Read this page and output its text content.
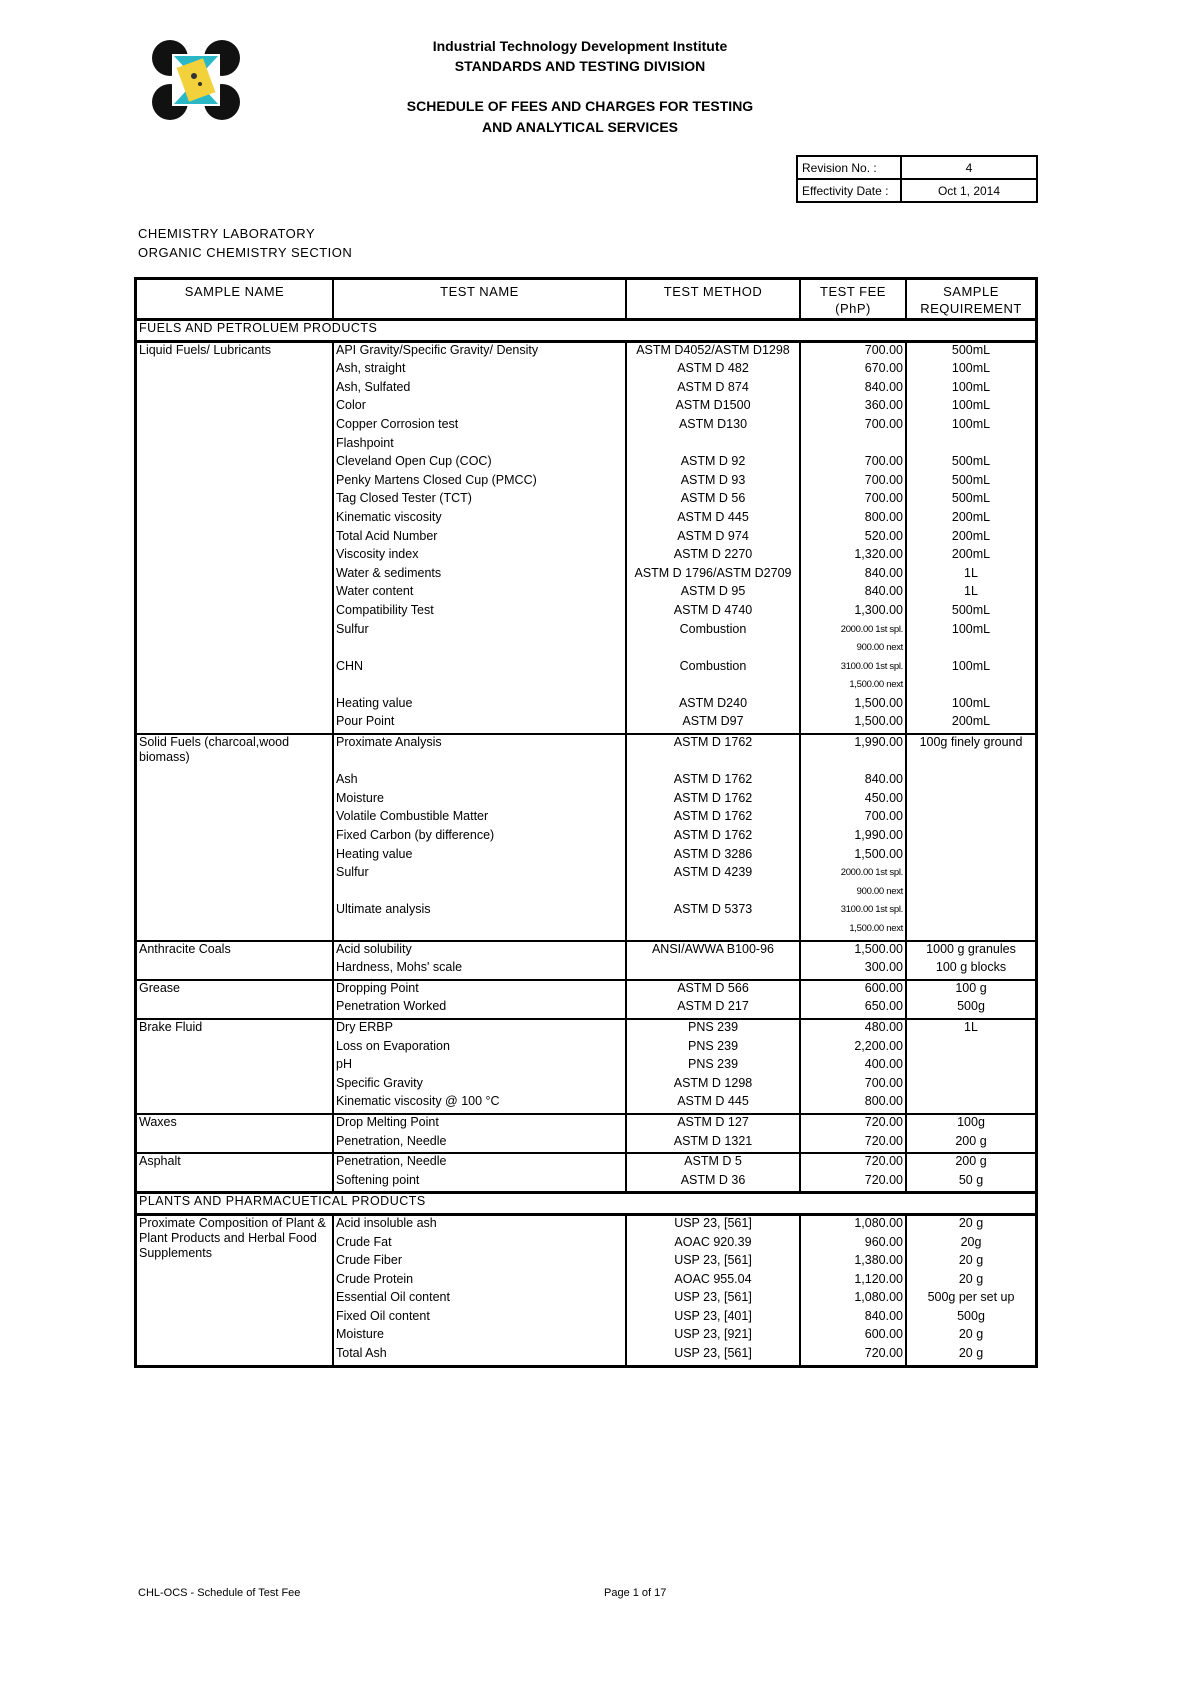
Industrial Technology Development Institute
STANDARDS AND TESTING DIVISION
SCHEDULE OF FEES AND CHARGES FOR TESTING
AND ANALYTICAL SERVICES
Revision No. :	4
Effectivity Date :	Oct 1, 2014
CHEMISTRY LABORATORY
ORGANIC CHEMISTRY SECTION
SAMPLE NAME	TEST NAME	TEST METHOD	TEST FEE (PhP)	SAMPLE REQUIREMENT
FUELS AND PETROLUEM PRODUCTS				
Liquid Fuels/ Lubricants	API Gravity/Specific Gravity/ Density	ASTM D4052/ASTM D1298	700.00	500mL
	Ash, straight	ASTM D 482	670.00	100mL
	Ash, Sulfated	ASTM D 874	840.00	100mL
	Color	ASTM D1500	360.00	100mL
	Copper Corrosion test	ASTM D130	700.00	100mL
	Flashpoint			
	Cleveland Open Cup (COC)	ASTM D 92	700.00	500mL
	Penky Martens Closed Cup (PMCC)	ASTM D 93	700.00	500mL
	Tag Closed Tester (TCT)	ASTM D 56	700.00	500mL
	Kinematic viscosity	ASTM D 445	800.00	200mL
	Total Acid Number	ASTM D 974	520.00	200mL
	Viscosity index	ASTM D 2270	1,320.00	200mL
	Water & sediments	ASTM D 1796/ASTM D2709	840.00	1L
	Water content	ASTM D 95	840.00	1L
	Compatibility Test	ASTM D 4740	1,300.00	500mL
	Sulfur	Combustion	2000.00 1st spl.	100mL
			900.00 next	
	CHN	Combustion	3100.00 1st spl.	100mL
			1,500.00 next	
	Heating value	ASTM D240	1,500.00	100mL
	Pour Point	ASTM D97	1,500.00	200mL
Solid Fuels (charcoal,wood biomass)	Proximate Analysis	ASTM D 1762	1,990.00	100g finely ground

	Ash	ASTM D 1762	840.00	
	Moisture	ASTM D 1762	450.00	
	Volatile Combustible Matter	ASTM D 1762	700.00	
	Fixed Carbon (by difference)	ASTM D 1762	1,990.00	
	Heating value	ASTM D 3286	1,500.00	
	Sulfur	ASTM D 4239	2000.00 1st spl.	
			900.00 next	
	Ultimate analysis	ASTM D 5373	3100.00 1st spl.	
			1,500.00 next	
Anthracite Coals	Acid solubility	ANSI/AWWA B100-96	1,500.00	1000 g granules
	Hardness, Mohs' scale		300.00	100 g blocks
Grease	Dropping Point	ASTM D 566	600.00	100 g
	Penetration Worked	ASTM D 217	650.00	500g
Brake Fluid	Dry ERBP	PNS 239	480.00	1L
	Loss on Evaporation	PNS 239	2,200.00	
	pH	PNS 239	400.00	
	Specific Gravity	ASTM D 1298	700.00	
	Kinematic viscosity @ 100 °C	ASTM D 445	800.00	
Waxes	Drop Melting Point	ASTM D 127	720.00	100g
	Penetration, Needle	ASTM D 1321	720.00	200 g
Asphalt	Penetration, Needle	ASTM D 5	720.00	200 g
	Softening point	ASTM D 36	720.00	50 g
PLANTS AND PHARMACUETICAL PRODUCTS				
Proximate Composition of Plant & Plant Products and Herbal Food Supplements	Acid insoluble ash	USP 23, [561]	1,080.00	20 g
	Crude Fat	AOAC 920.39	960.00	20g
	Crude Fiber	USP 23, [561]	1,380.00	20 g
	Crude Protein	AOAC 955.04	1,120.00	20 g
	Essential Oil content	USP 23, [561]	1,080.00	500g per set up
	Fixed Oil content	USP 23, [401]	840.00	500g
	Moisture	USP 23, [921]	600.00	20 g
	Total Ash	USP 23, [561]	720.00	20 g
CHL-OCS - Schedule of Test Fee	Page 1 of 17
